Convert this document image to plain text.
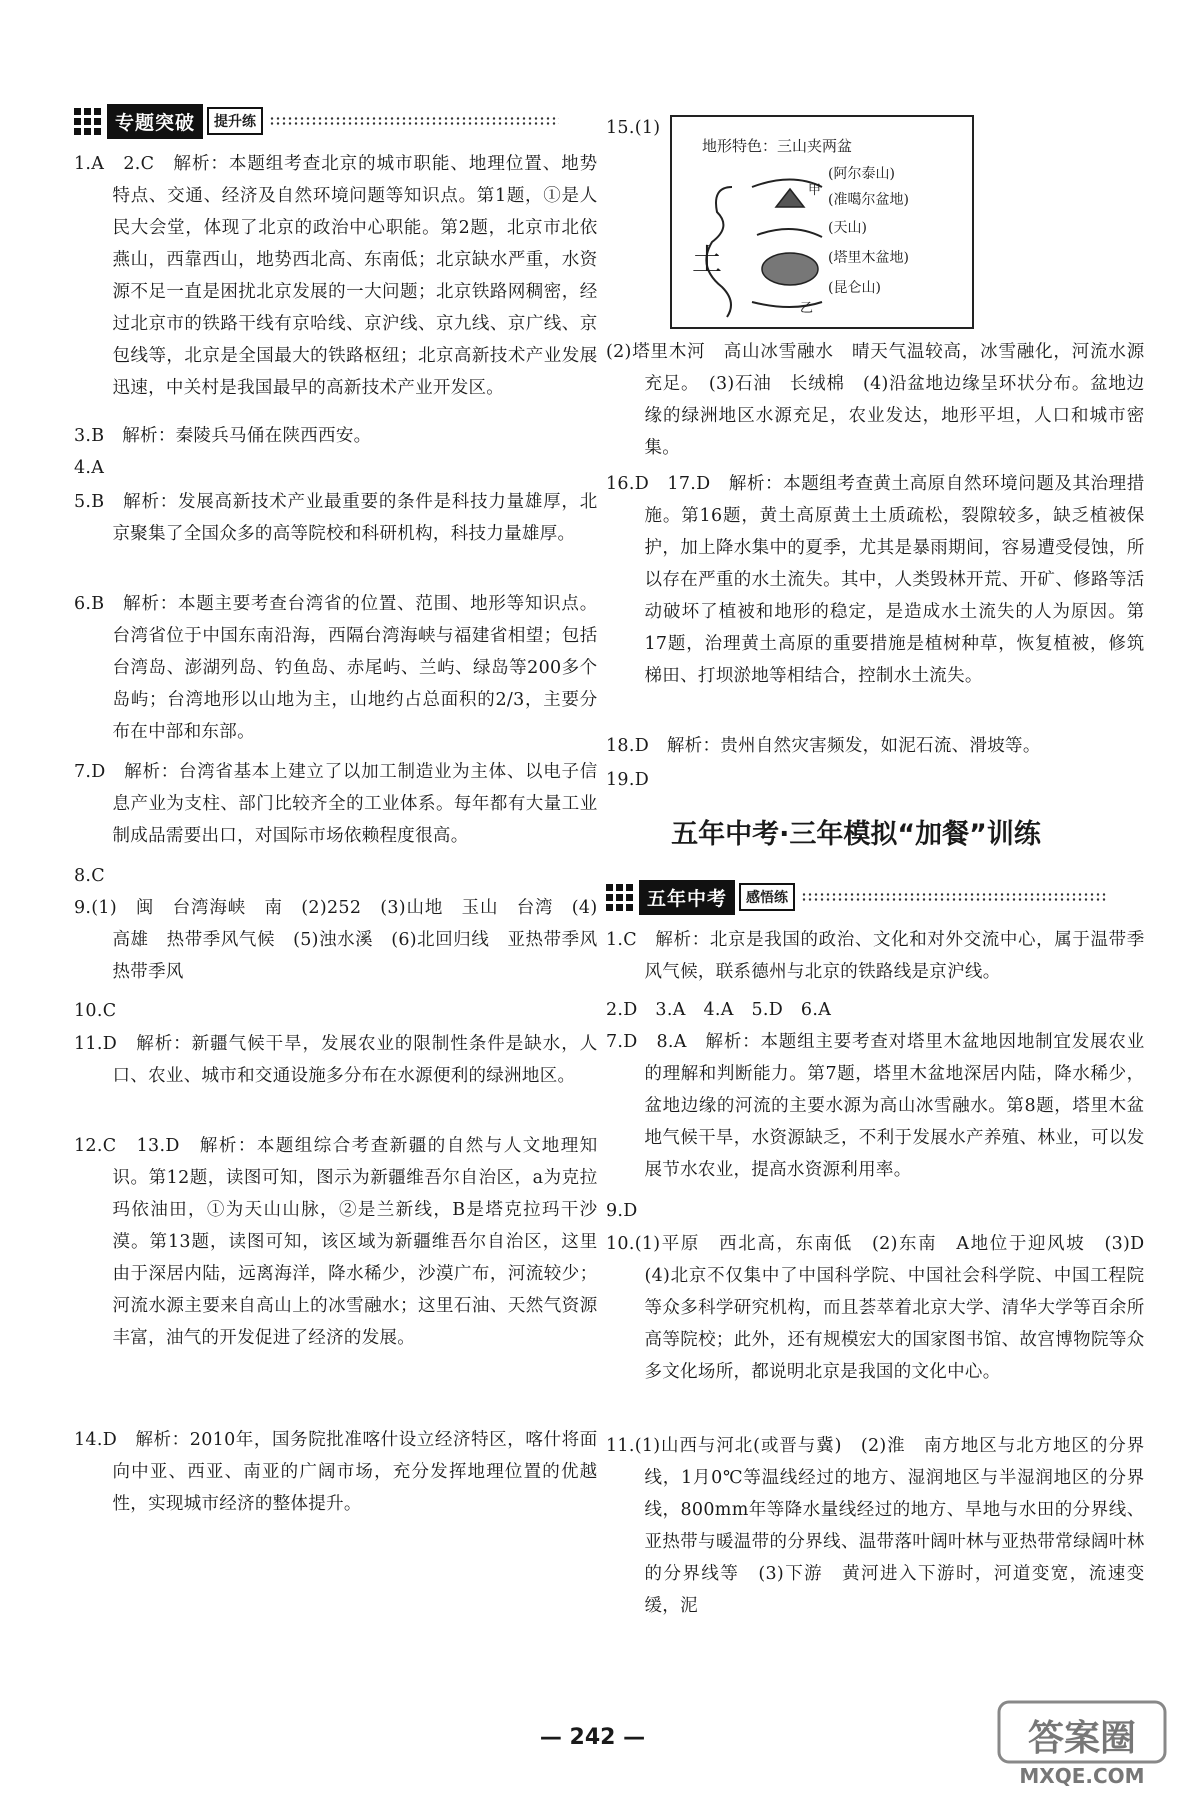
专题突破	提升练
1.A　2.C　解析：本题组考查北京的城市职能、地理位置、地势特点、交通、经济及自然环境问题等知识点。第1题，①是人民大会堂，体现了北京的政治中心职能。第2题，北京市北依燕山，西靠西山，地势西北高、东南低；北京缺水严重，水资源不足一直是困扰北京发展的一大问题；北京铁路网稠密，经过北京市的铁路干线有京哈线、京沪线、京九线、京广线、京包线等，北京是全国最大的铁路枢纽；北京高新技术产业发展迅速，中关村是我国最早的高新技术产业开发区。
3.B　解析：秦陵兵马俑在陕西西安。
4.A
5.B　解析：发展高新技术产业最重要的条件是科技力量雄厚，北京聚集了全国众多的高等院校和科研机构，科技力量雄厚。
6.B　解析：本题主要考查台湾省的位置、范围、地形等知识点。台湾省位于中国东南沿海，西隔台湾海峡与福建省相望；包括台湾岛、澎湖列岛、钓鱼岛、赤尾屿、兰屿、绿岛等200多个岛屿；台湾地形以山地为主，山地约占总面积的2/3，主要分布在中部和东部。
7.D　解析：台湾省基本上建立了以加工制造业为主体、以电子信息产业为支柱、部门比较齐全的工业体系。每年都有大量工业制成品需要出口，对国际市场依赖程度很高。
8.C
9.(1)　闽　台湾海峡　南　(2)252　(3)山地　玉山　台湾　(4)高雄　热带季风气候　(5)浊水溪　(6)北回归线　亚热带季风　热带季风
10.C
11.D　解析：新疆气候干旱，发展农业的限制性条件是缺水，人口、农业、城市和交通设施多分布在水源便利的绿洲地区。
12.C　13.D　解析：本题组综合考查新疆的自然与人文地理知识。第12题，读图可知，图示为新疆维吾尔自治区，a为克拉玛依油田，①为天山山脉，②是兰新线，B是塔克拉玛干沙漠。第13题，读图可知，该区域为新疆维吾尔自治区，这里由于深居内陆，远离海洋，降水稀少，沙漠广布，河流较少；河流水源主要来自高山上的冰雪融水；这里石油、天然气资源丰富，油气的开发促进了经济的发展。
14.D　解析：2010年，国务院批准喀什设立经济特区，喀什将面向中亚、西亚、南亚的广阔市场，充分发挥地理位置的优越性，实现城市经济的整体提升。
15.(1)
地形特色：三山夹两盆
甲
土
乙
(阿尔泰山)
(准噶尔盆地)
(天山)
(塔里木盆地)
(昆仑山)
(2)塔里木河　高山冰雪融水　晴天气温较高，冰雪融化，河流水源充足。　(3)石油　长绒棉　(4)沿盆地边缘呈环状分布。盆地边缘的绿洲地区水源充足，农业发达，地形平坦，人口和城市密集。
16.D　17.D　解析：本题组考查黄土高原自然环境问题及其治理措施。第16题，黄土高原黄土土质疏松，裂隙较多，缺乏植被保护，加上降水集中的夏季，尤其是暴雨期间，容易遭受侵蚀，所以存在严重的水土流失。其中，人类毁林开荒、开矿、修路等活动破坏了植被和地形的稳定，是造成水土流失的人为原因。第17题，治理黄土高原的重要措施是植树种草，恢复植被，修筑梯田、打坝淤地等相结合，控制水土流失。
18.D　解析：贵州自然灾害频发，如泥石流、滑坡等。
19.D
五年中考·三年模拟“加餐”训练
五年中考	感悟练
1.C　解析：北京是我国的政治、文化和对外交流中心，属于温带季风气候，联系德州与北京的铁路线是京沪线。
2.D　3.A　4.A　5.D　6.A
7.D　8.A　解析：本题组主要考查对塔里木盆地因地制宜发展农业的理解和判断能力。第7题，塔里木盆地深居内陆，降水稀少，盆地边缘的河流的主要水源为高山冰雪融水。第8题，塔里木盆地气候干旱，水资源缺乏，不利于发展水产养殖、林业，可以发展节水农业，提高水资源利用率。
9.D
10.(1)平原　西北高，东南低　(2)东南　A地位于迎风坡　(3)D　(4)北京不仅集中了中国科学院、中国社会科学院、中国工程院等众多科学研究机构，而且荟萃着北京大学、清华大学等百余所高等院校；此外，还有规模宏大的国家图书馆、故宫博物院等众多文化场所，都说明北京是我国的文化中心。
11.(1)山西与河北(或晋与冀)　(2)淮　南方地区与北方地区的分界线，1月0℃等温线经过的地方、湿润地区与半湿润地区的分界线，800mm年等降水量线经过的地方、旱地与水田的分界线、亚热带与暖温带的分界线、温带落叶阔叶林与亚热带常绿阔叶林的分界线等　(3)下游　黄河进入下游时，河道变宽，流速变缓，泥
— 242 —	答案圈
MXQE.COM
